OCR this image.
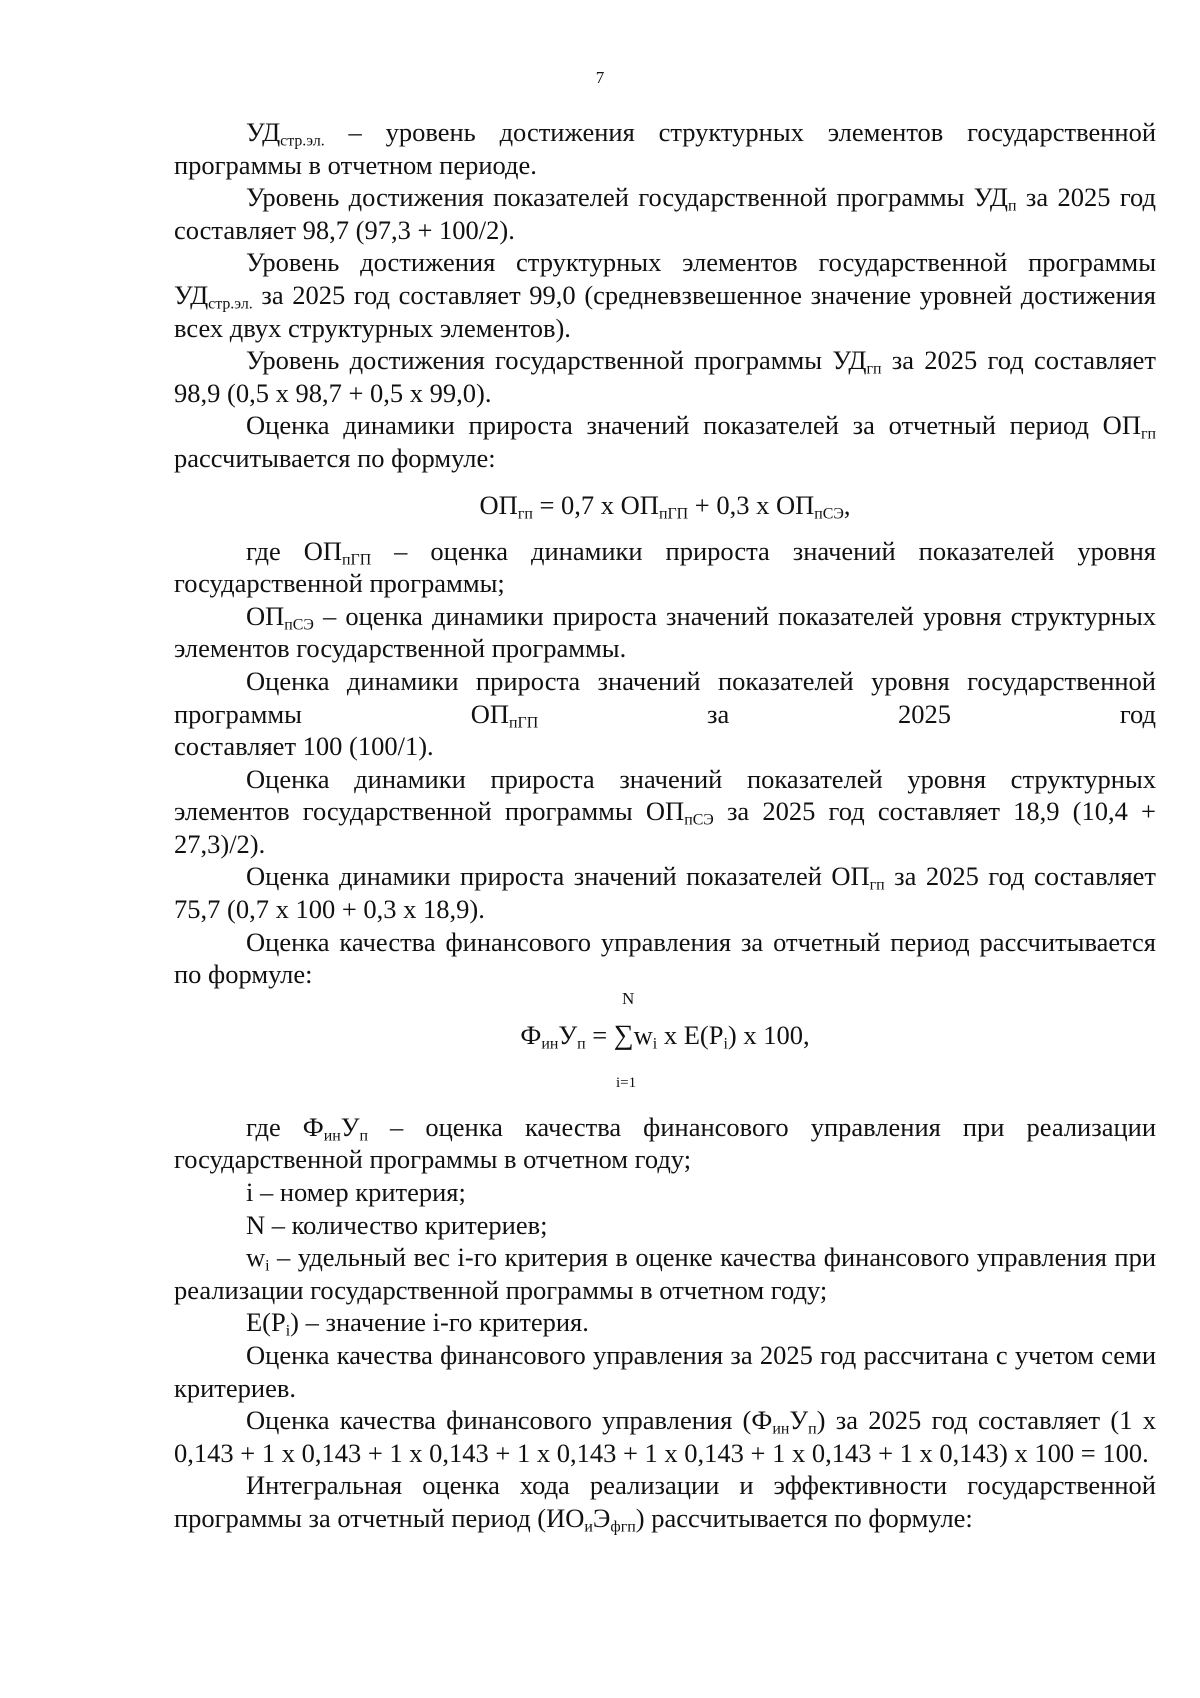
7

$УД_{стр.эл.}$ – уровень достижения структурных элементов государственной программы в отчетном периоде.

Уровень достижения показателей государственной программы $УД_п$ за 2025 год составляет 98,7 (97,3 + 100/2).

Уровень достижения структурных элементов государственной программы $УД_{стр.эл.}$ за 2025 год составляет 99,0 (средневзвешенное значение уровней достижения всех двух структурных элементов).

Уровень достижения государственной программы $УД_{гп}$ за 2025 год составляет 98,9 (0,5 х 98,7 + 0,5 х 99,0).

Оценка динамики прироста значений показателей за отчетный период $ОП_{гп}$ рассчитывается по формуле:

$ОП_{гп} = 0,7$ х $ОП_{пГП} + 0,3$ х $ОП_{пСЭ}$,

где $ОП_{пГП}$ – оценка динамики прироста значений показателей уровня государственной программы;

$ОП_{пСЭ}$ – оценка динамики прироста значений показателей уровня структурных элементов государственной программы.

Оценка динамики прироста значений показателей уровня государственной программы $ОП_{пГП}$ за 2025 год

составляет 100 (100/1).

Оценка динамики прироста значений показателей уровня структурных элементов государственной программы $ОП_{пСЭ}$ за 2025 год составляет 18,9 (10,4 + 27,3)/2).

Оценка динамики прироста значений показателей $ОП_{гп}$ за 2025 год составляет 75,7 (0,7 х 100 + 0,3 х 18,9).

Оценка качества финансового управления за отчетный период рассчитывается по формуле:

N
$Ф_{ин}У_п = \sum w_i$ х $E(P_i)$ х 100,
i=1

где $Ф_{ин}У_п$ – оценка качества финансового управления при реализации государственной программы в отчетном году;

i – номер критерия;

N – количество критериев;

$w_i$ – удельный вес i-го критерия в оценке качества финансового управления при реализации государственной программы в отчетном году;

$E(P_i)$ – значение i-го критерия.

Оценка качества финансового управления за 2025 год рассчитана с учетом семи критериев.

Оценка качества финансового управления $(Ф_{ин}У_п)$ за 2025 год составляет (1 х 0,143 + 1 х 0,143 + 1 х 0,143 + 1 х 0,143 + 1 х 0,143 + 1 х 0,143 + 1 х 0,143) х 100 = 100.

Интегральная оценка хода реализации и эффективности государственной программы за отчетный период $(ИО_иЭ_{фгп})$ рассчитывается по формуле:
